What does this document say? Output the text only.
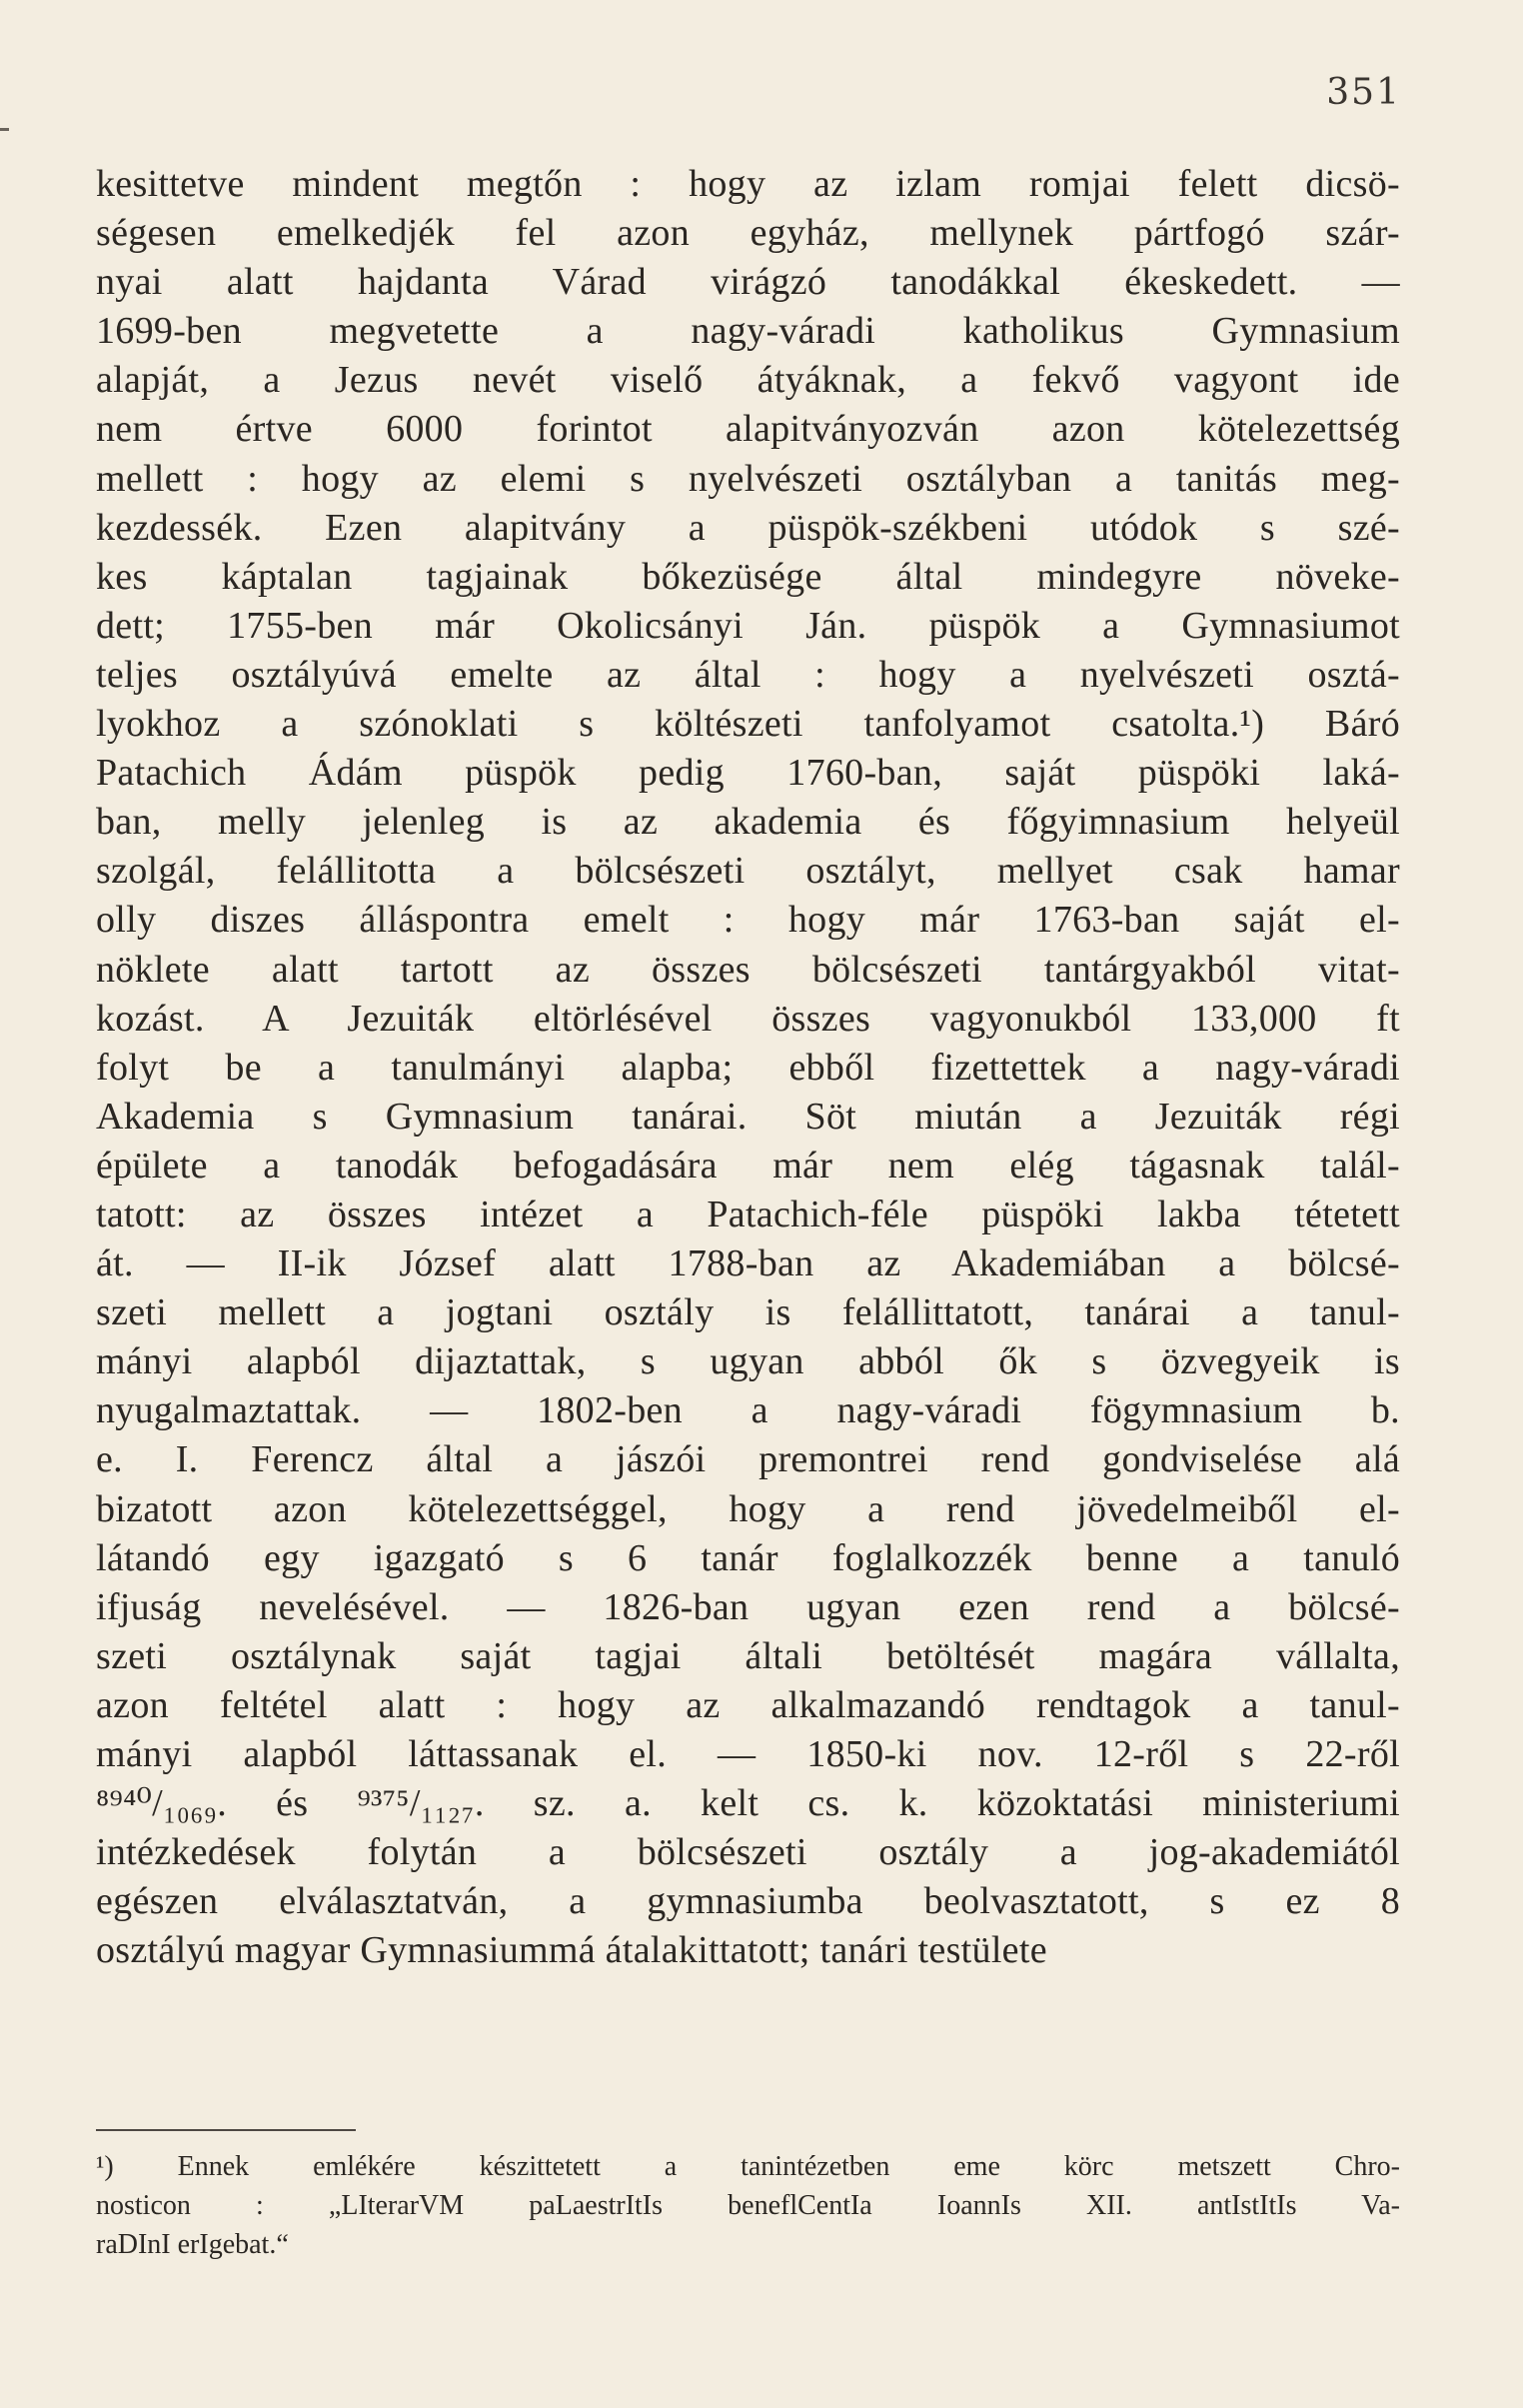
351
kesittetve mindent megtőn : hogy az izlam romjai felett dicsö-
ségesen emelkedjék fel azon egyház, mellynek pártfogó szár-
nyai alatt hajdanta Várad virágzó tanodákkal ékeskedett. —
1699-ben megvetette a nagy-váradi katholikus Gymnasium
alapját, a Jezus nevét viselő átyáknak, a fekvő vagyont ide
nem értve 6000 forintot alapitványozván azon kötelezettség
mellett : hogy az elemi s nyelvészeti osztályban a tanitás meg-
kezdessék. Ezen alapitvány a püspök-székbeni utódok s szé-
kes káptalan tagjainak bőkezüsége által mindegyre növeke-
dett; 1755-ben már Okolicsányi Ján. püspök a Gymnasiumot
teljes osztályúvá emelte az által : hogy a nyelvészeti osztá-
lyokhoz a szónoklati s költészeti tanfolyamot csatolta.¹) Báró
Patachich Ádám püspök pedig 1760-ban, saját püspöki laká-
ban, melly jelenleg is az akademia és főgyimnasium helyeül
szolgál, felállitotta a bölcsészeti osztályt, mellyet csak hamar
olly diszes álláspontra emelt : hogy már 1763-ban saját el-
nöklete alatt tartott az összes bölcsészeti tantárgyakból vitat-
kozást. A Jezuiták eltörlésével összes vagyonukból 133,000 ft
folyt be a tanulmányi alapba; ebből fizettettek a nagy-váradi
Akademia s Gymnasium tanárai. Söt miután a Jezuiták régi
épülete a tanodák befogadására már nem elég tágasnak talál-
tatott: az összes intézet a Patachich-féle püspöki lakba tétetett
át. — II-ik József alatt 1788-ban az Akademiában a bölcsé-
szeti mellett a jogtani osztály is felállittatott, tanárai a tanul-
mányi alapból dijaztattak, s ugyan abból ők s özvegyeik is
nyugalmaztattak. — 1802-ben a nagy-váradi fögymnasium b.
e. I. Ferencz által a jászói premontrei rend gondviselése alá
bizatott azon kötelezettséggel, hogy a rend jövedelmeiből el-
látandó egy igazgató s 6 tanár foglalkozzék benne a tanuló
ifjuság nevelésével. — 1826-ban ugyan ezen rend a bölcsé-
szeti osztálynak saját tagjai általi betöltését magára vállalta,
azon feltétel alatt : hogy az alkalmazandó rendtagok a tanul-
mányi alapból láttassanak el. — 1850-ki nov. 12-ről s 22-ről
⁸⁹⁴⁰/₁₀₆₉. és ⁹³⁷⁵/₁₁₂₇. sz. a. kelt cs. k. közoktatási ministeriumi
intézkedések folytán a bölcsészeti osztály a jog-akademiától
egészen elválasztatván, a gymnasiumba beolvasztatott, s ez 8
osztályú magyar Gymnasiummá átalakittatott; tanári testülete
¹) Ennek emlékére készittetett a tanintézetben eme körc metszett Chro-
nosticon : „LIterarVM paLaestrItIs beneflCentIa IoannIs XII. antIstItIs Va-
raDInI erIgebat.“
